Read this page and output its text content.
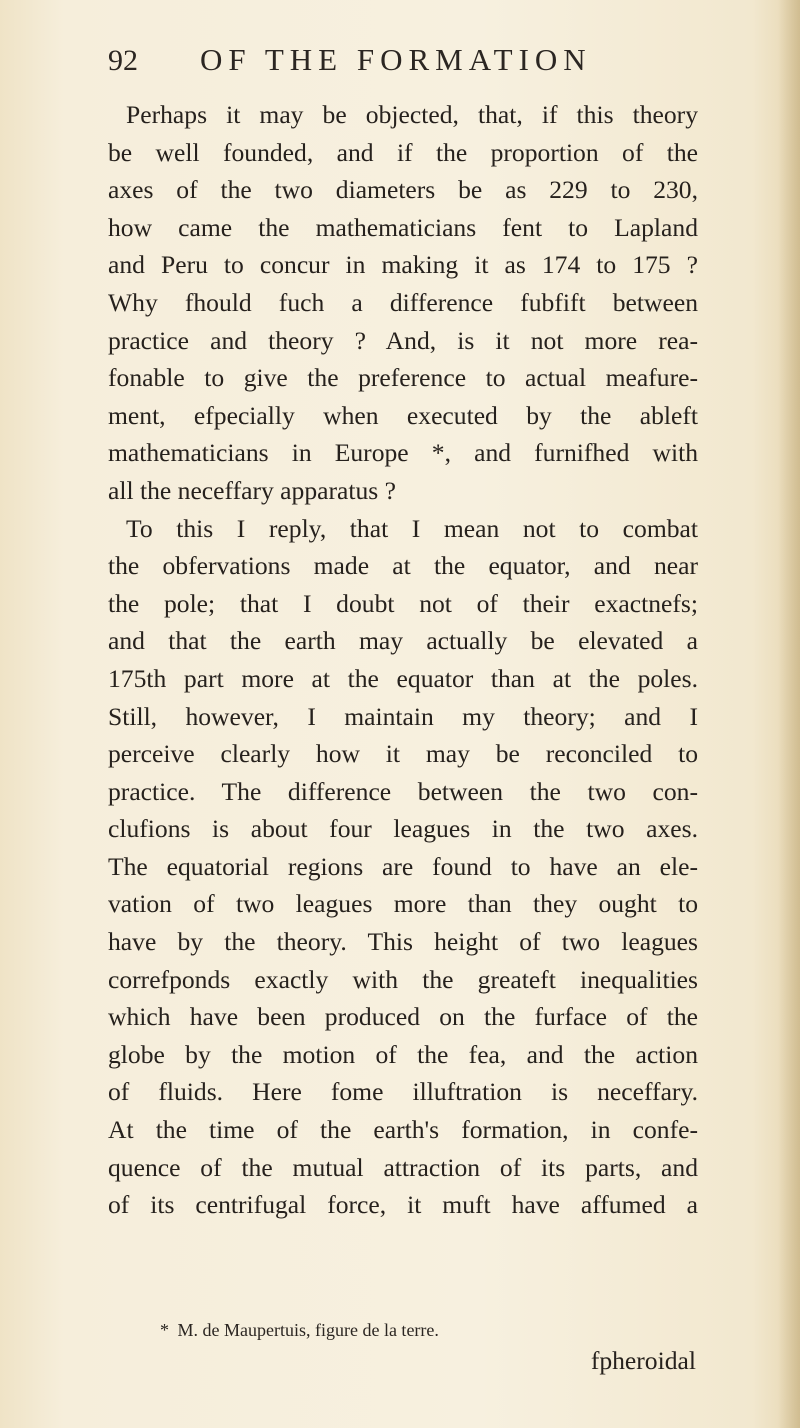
92 OF THE FORMATION
Perhaps it may be objected, that, if this theory
be well founded, and if the proportion of the
axes of the two diameters be as 229 to 230,
how came the mathematicians fent to Lapland
and Peru to concur in making it as 174 to 175 ?
Why fhould fuch a difference fubfift between
practice and theory ? And, is it not more rea-
fonable to give the preference to actual meafure-
ment, efpecially when executed by the ableft
mathematicians in Europe *, and furnifhed with
all the neceffary apparatus ?
To this I reply, that I mean not to combat
the obfervations made at the equator, and near
the pole; that I doubt not of their exactnefs;
and that the earth may actually be elevated a
175th part more at the equator than at the poles.
Still, however, I maintain my theory; and I
perceive clearly how it may be reconciled to
practice. The difference between the two con-
clufions is about four leagues in the two axes.
The equatorial regions are found to have an ele-
vation of two leagues more than they ought to
have by the theory. This height of two leagues
correfponds exactly with the greateft inequalities
which have been produced on the furface of the
globe by the motion of the fea, and the action
of fluids. Here fome illuftration is neceffary.
At the time of the earth's formation, in confe-
quence of the mutual attraction of its parts, and
of its centrifugal force, it muft have affumed a
* M. de Maupertuis, figure de la terre.
fpheroidal
